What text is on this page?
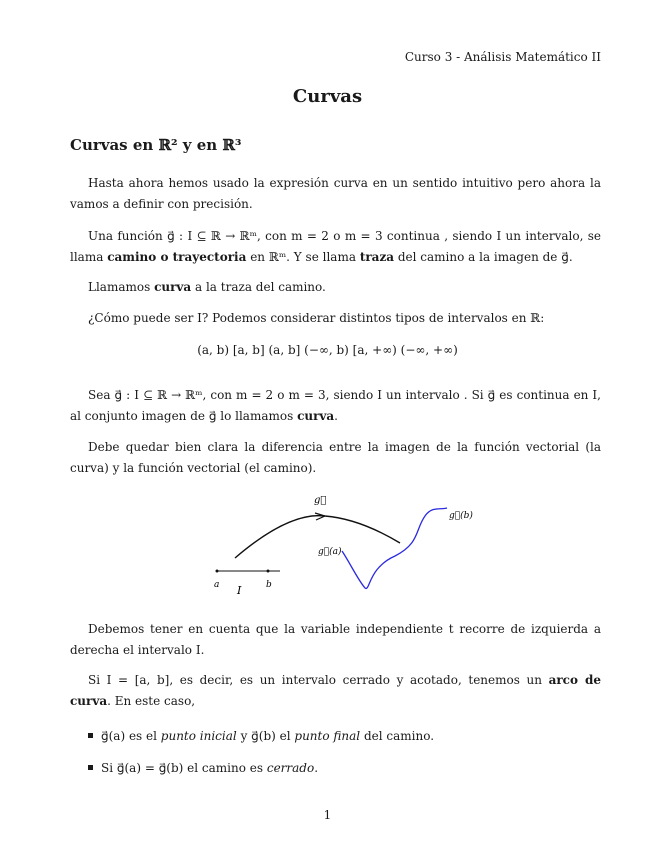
Curso 3 - Análisis Matemático II
Curvas
Curvas en ℝ² y en ℝ³
Hasta ahora hemos usado la expresión curva en un sentido intuitivo pero ahora la vamos a definir con precisión.
Una función g⃗ : I ⊆ ℝ → ℝᵐ, con m = 2 o m = 3 continua , siendo I un intervalo, se llama camino o trayectoria en ℝᵐ. Y se llama traza del camino a la imagen de g⃗.
Llamamos curva a la traza del camino.
¿Cómo puede ser I? Podemos considerar distintos tipos de intervalos en ℝ:
(a, b) [a, b] (a, b] (−∞, b) [a, +∞) (−∞, +∞)
Sea g⃗ : I ⊆ ℝ → ℝᵐ, con m = 2 o m = 3, siendo I un intervalo . Si g⃗ es continua en I, al conjunto imagen de g⃗ lo llamamos curva.
Debe quedar bien clara la diferencia entre la imagen de la función vectorial (la curva) y la función vectorial (el camino).
g⃗
g⃗(a)
g⃗(b)
a	b
I
Debemos tener en cuenta que la variable independiente t recorre de izquierda a derecha el intervalo I.
Si I = [a, b], es decir, es un intervalo cerrado y acotado, tenemos un arco de curva. En este caso,
g⃗(a) es el punto inicial y g⃗(b) el punto final del camino.
Si g⃗(a) = g⃗(b) el camino es cerrado.
1
